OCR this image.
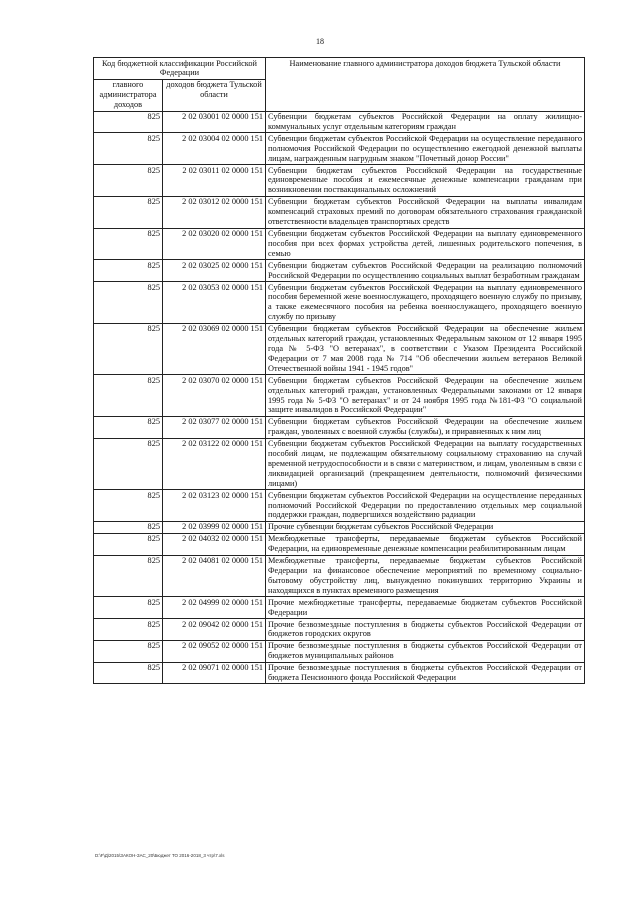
18
Код бюджетной классификации Российской Федерации		Наименование главного администратора доходов бюджета Тульской области
главного администратора доходов	доходов бюджета Тульской области	
825	2 02 03001 02 0000 151	Субвенции бюджетам субъектов Российской Федерации на оплату жилищно-коммунальных услуг отдельным категориям граждан
825	2 02 03004 02 0000 151	Субвенции бюджетам субъектов Российской Федерации на осуществление переданного полномочия Российской Федерации по осуществлению ежегодной денежной выплаты лицам, награжденным нагрудным знаком "Почетный донор России"
825	2 02 03011 02 0000 151	Субвенции бюджетам субъектов Российской Федерации на государственные единовременные пособия и ежемесячные денежные компенсации гражданам при возникновении поствакцинальных осложнений
825	2 02 03012 02 0000 151	Субвенции бюджетам субъектов Российской Федерации на выплаты инвалидам компенсаций страховых премий по договорам обязательного страхования гражданской ответственности владельцев транспортных средств
825	2 02 03020 02 0000 151	Субвенции бюджетам субъектов Российской Федерации на выплату единовременного пособия при всех формах устройства детей, лишенных родительского попечения, в семью
825	2 02 03025 02 0000 151	Субвенции бюджетам субъектов Российской Федерации на реализацию полномочий Российской Федерации по осуществлению социальных выплат безработным гражданам
825	2 02 03053 02 0000 151	Субвенции бюджетам субъектов Российской Федерации на выплату единовременного пособия беременной жене военнослужащего, проходящего военную службу по призыву, а также ежемесячного пособия на ребенка военнослужащего, проходящего военную службу по призыву
825	2 02 03069 02 0000 151	Субвенции бюджетам субъектов Российской Федерации на обеспечение жильем отдельных категорий граждан, установленных Федеральным законом от 12 января 1995 года № 5-ФЗ "О ветеранах", в соответствии с Указом Президента Российской Федерации от 7 мая 2008 года № 714 "Об обеспечении жильем ветеранов Великой Отечественной войны 1941 - 1945 годов"
825	2 02 03070 02 0000 151	Субвенции бюджетам субъектов Российской Федерации на обеспечение жильем отдельных категорий граждан, установленных Федеральными законами от 12 января 1995 года № 5-ФЗ "О ветеранах" и от 24 ноября 1995 года №181-ФЗ "О социальной защите инвалидов в Российской Федерации"
825	2 02 03077 02 0000 151	Субвенции бюджетам субъектов Российской Федерации на обеспечение жильем граждан, уволенных с военной службы (службы), и приравненных к ним лиц
825	2 02 03122 02 0000 151	Субвенции бюджетам субъектов Российской Федерации на выплату государственных пособий лицам, не подлежащим обязательному социальному страхованию на случай временной нетрудоспособности и в связи с материнством, и лицам, уволенным в связи с ликвидацией организаций (прекращением деятельности, полномочий физическими лицами)
825	2 02 03123 02 0000 151	Субвенции бюджетам субъектов Российской Федерации на осуществление переданных полномочий Российской Федерации по предоставлению отдельных мер социальной поддержки граждан, подвергшихся воздействию радиации
825	2 02 03999 02 0000 151	Прочие субвенции бюджетам субъектов Российской Федерации
825	2 02 04032 02 0000 151	Межбюджетные трансферты, передаваемые бюджетам субъектов Российской Федерации, на единовременные денежные компенсации реабилитированным лицам
825	2 02 04081 02 0000 151	Межбюджетные трансферты, передаваемые бюджетам субъектов Российской Федерации на финансовое обеспечение мероприятий по временному социально-бытовому обустройству лиц, вынужденно покинувших территорию Украины и находящихся в пунктах временного размещения
825	2 02 04999 02 0000 151	Прочие межбюджетные трансферты, передаваемые бюджетам субъектов Российской Федерации
825	2 02 09042 02 0000 151	Прочие безвозмездные поступления в бюджеты субъектов Российской Федерации от бюджетов городских округов
825	2 02 09052 02 0000 151	Прочие безвозмездные поступления в бюджеты субъектов Российской Федерации от бюджетов муниципальных районов
825	2 02 09071 02 0000 151	Прочие безвозмездные поступления в бюджеты субъектов Российской Федерации от бюджета Пенсионного фонда Российской Федерации
D:\F\Д\2015\ЗАКОН-ЗАС_20\Бюджет ТО 2016-2018_3 чтр\7.xls
